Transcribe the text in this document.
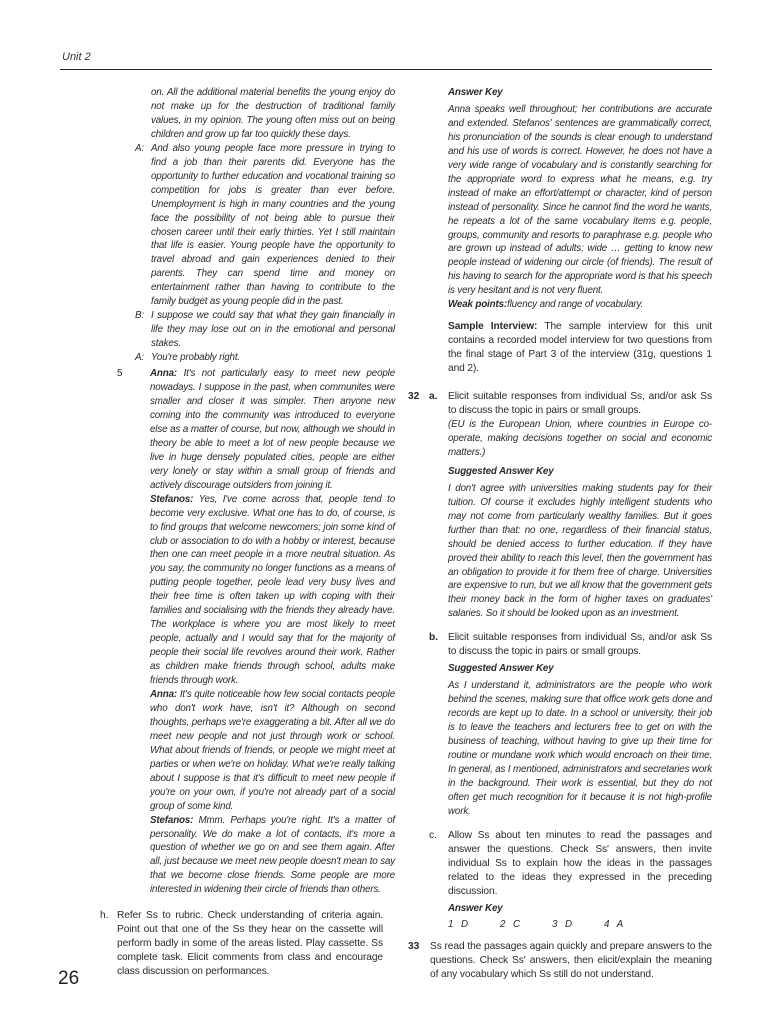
Unit 2
26

on. All the additional material benefits the young enjoy do not make up for the destruction of traditional family values, in my opinion. The young often miss out on being children and grow up far too quickly these days.

A: And also young people face more pressure in trying to find a job than their parents did. Everyone has the opportunity to further education and vocational training so competition for jobs is greater than ever before. Unemployment is high in many countries and the young face the possibility of not being able to pursue their chosen career until their early thirties. Yet I still maintain that life is easier. Young people have the opportunity to travel abroad and gain experiences denied to their parents. They can spend time and money on entertainment rather than having to contribute to the family budget as young people did in the past.

B: I suppose we could say that what they gain financially in life they may lose out on in the emotional and personal stakes.

A: You're probably right.

5	Anna: It's not particularly easy to meet new people nowadays. I suppose in the past, when communites were smaller and closer it was simpler. Then anyone new coming into the community was introduced to everyone else as a matter of course, but now, although we should in theory be able to meet a lot of new people because we live in huge densely populated cities, people are either very lonely or stay within a small group of friends and actively discourage outsiders from joining it.

Stefanos: Yes, I've come across that, people tend to become very exclusive. What one has to do, of course, is to find groups that welcome newcomers; join some kind of club or association to do with a hobby or interest, because then one can meet people in a more neutral situation. As you say, the community no longer functions as a means of putting people together, peole lead very busy lives and their free time is often taken up with coping with their families and socialising with the friends they already have. The workplace is where you are most likely to meet people, actually and I would say that for the majority of people their social life revolves around their work. Rather as children make friends through school, adults make friends through work.

Anna: It's quite noticeable how few social contacts people who don't work have, isn't it? Although on second thoughts, perhaps we're exaggerating a bit. After all we do meet new people and not just through work or school. What about friends of friends, or people we might meet at parties or when we're on holiday. What we're really talking about I suppose is that it's difficult to meet new people if you're on your own, if you're not already part of a social group of some kind.

Stefanos: Mmm. Perhaps you're right. It's a matter of personality. We do make a lot of contacts, it's more a question of whether we go on and see them again. After all, just because we meet new people doesn't mean to say that we become close friends. Some people are more interested in widening their circle of friends than others.

h. Refer Ss to rubric. Check understanding of criteria again. Point out that one of the Ss they hear on the cassette will perform badly in some of the areas listed. Play cassette. Ss complete task. Elicit comments from class and encourage class discussion on performances.

Answer Key

Anna speaks well throughout; her contributions are accurate and extended. Stefanos' sentences are grammatically correct, his pronunciation of the sounds is clear enough to understand and his use of words is correct. However, he does not have a very wide range of vocabulary and is constantly searching for the appropriate word to express what he means, e.g. try instead of make an effort/attempt or character, kind of person instead of personality. Since he cannot find the word he wants, he repeats a lot of the same vocabulary items e.g. people, groups, community and resorts to paraphrase e.g. people who are grown up instead of adults; wide … getting to know new people instead of widening our circle (of friends). The result of his having to search for the appropriate word is that his speech is very hesitant and is not very fluent.

Weak points:fluency and range of vocabulary.

Sample Interview: The sample interview for this unit contains a recorded model interview for two questions from the final stage of Part 3 of the interview (31g, questions 1 and 2).

32 a.	Elicit suitable responses from individual Ss, and/or ask Ss to discuss the topic in pairs or small groups.

(EU is the European Union, where countries in Europe co-operate, making decisions together on social and economic matters.)

Suggested Answer Key

I don't agree with universities making students pay for their tuition. Of course it excludes highly intelligent students who may not come from particularly wealthy families. But it goes further than that: no one, regardless of their financial status, should be denied access to further education. If they have proved their ability to reach this level, then the government has an obligation to provide it for them free of charge. Universities are expensive to run, but we all know that the government gets their money back in the form of higher taxes on graduates' salaries. So it should be looked upon as an investment.

b. Elicit suitable responses from individual Ss, and/or ask Ss to discuss the topic in pairs or small groups.

Suggested Answer Key

As I understand it, administrators are the people who work behind the scenes, making sure that office work gets done and records are kept up to date. In a school or university, their job is to leave the teachers and lecturers free to get on with the business of teaching, without having to give up their time for routine or mundane work which would encroach on their time. In general, as I mentioned, administrators and secretaries work in the background. Their work is essential, but they do not often get much recognition for it because it is not high-profile work.

c.	Allow Ss about ten minutes to read the passages and answer the questions. Check Ss' answers, then invite individual Ss to explain how the ideas in the passages related to the ideas they expressed in the preceding discussion.

Answer Key

1   D	2   C	3   D	4   A
33	Ss read the passages again quickly and prepare answers to the questions. Check Ss' answers, then elicit/explain the meaning of any vocabulary which Ss still do not understand.
